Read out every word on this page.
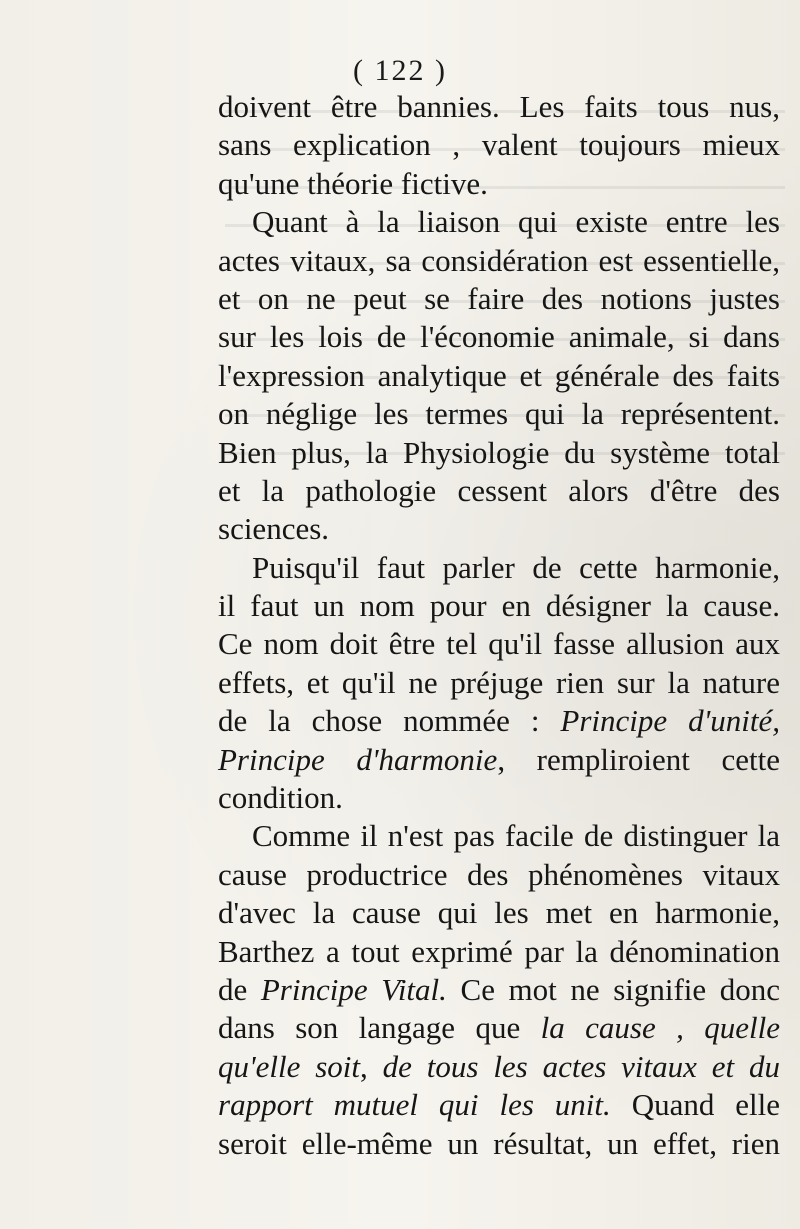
( 122 )
doivent être bannies. Les faits tous nus,
sans explication , valent toujours mieux
qu'une théorie fictive.
Quant à la liaison qui existe entre les
actes vitaux, sa considération est essentielle,
et on ne peut se faire des notions justes
sur les lois de l'économie animale, si dans
l'expression analytique et générale des faits
on néglige les termes qui la représentent.
Bien plus, la Physiologie du système total
et la pathologie cessent alors d'être des
sciences.
Puisqu'il faut parler de cette harmonie,
il faut un nom pour en désigner la cause.
Ce nom doit être tel qu'il fasse allusion aux
effets, et qu'il ne préjuge rien sur la nature
de la chose nommée : Principe d'unité,
Principe d'harmonie, rempliroient cette
condition.
Comme il n'est pas facile de distinguer la
cause productrice des phénomènes vitaux
d'avec la cause qui les met en harmonie,
Barthez a tout exprimé par la dénomination
de Principe Vital. Ce mot ne signifie donc
dans son langage que la cause , quelle
qu'elle soit, de tous les actes vitaux et du
rapport mutuel qui les unit. Quand elle
seroit elle-même un résultat, un effet, rien
